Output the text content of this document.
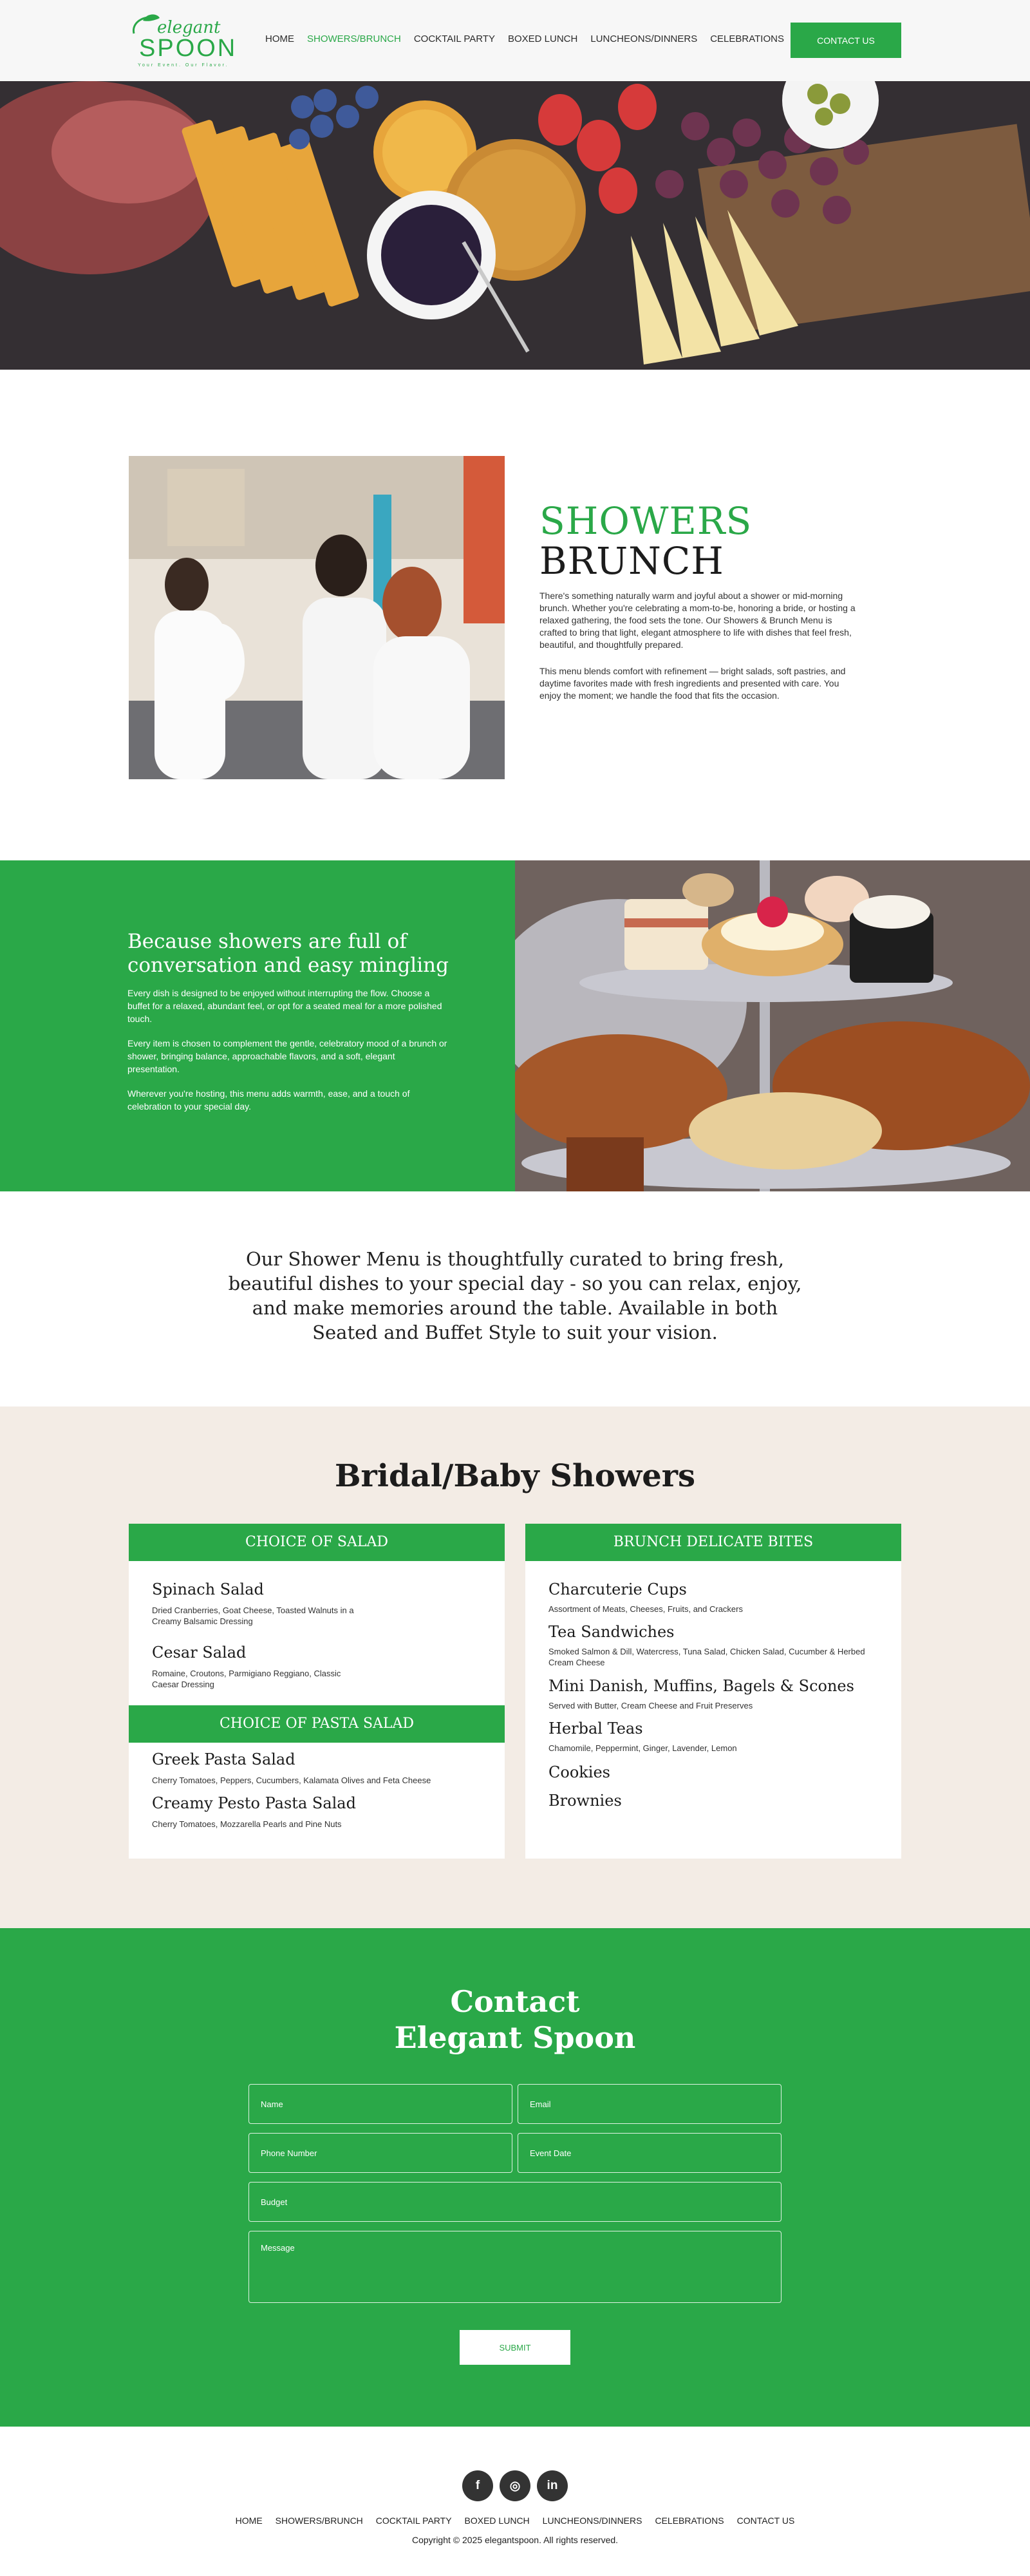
elegant
SPOON
Your Event. Our Flavor.
HOME SHOWERS/BRUNCH COCKTAIL PARTY BOXED LUNCH LUNCHEONS/DINNERS CELEBRATIONS	CONTACT US
SHOWERS
BRUNCH

There's something naturally warm and joyful about a shower or mid-morning brunch. Whether you're celebrating a mom-to-be, honoring a bride, or hosting a relaxed gathering, the food sets the tone. Our Showers & Brunch Menu is crafted to bring that light, elegant atmosphere to life with dishes that feel fresh, beautiful, and thoughtfully prepared.

This menu blends comfort with refinement — bright salads, soft pastries, and daytime favorites made with fresh ingredients and presented with care. You enjoy the moment; we handle the food that fits the occasion.

Because showers are full of conversation and easy mingling

Every dish is designed to be enjoyed without interrupting the flow. Choose a buffet for a relaxed, abundant feel, or opt for a seated meal for a more polished touch.

Every item is chosen to complement the gentle, celebratory mood of a brunch or shower, bringing balance, approachable flavors, and a soft, elegant presentation.

Wherever you're hosting, this menu adds warmth, ease, and a touch of celebration to your special day.

Our Shower Menu is thoughtfully curated to bring fresh, beautiful dishes to your special day - so you can relax, enjoy, and make memories around the table. Available in both Seated and Buffet Style to suit your vision.

Bridal/Baby Showers
CHOICE OF SALAD
Spinach Salad
Dried Cranberries, Goat Cheese, Toasted Walnuts in a Creamy Balsamic Dressing
Cesar Salad
Romaine, Croutons, Parmigiano Reggiano, Classic Caesar Dressing
CHOICE OF PASTA SALAD
Greek Pasta Salad
Cherry Tomatoes, Peppers, Cucumbers, Kalamata Olives and Feta Cheese
Creamy Pesto Pasta Salad
Cherry Tomatoes, Mozzarella Pearls and Pine Nuts
BRUNCH DELICATE BITES
Charcuterie Cups
Assortment of Meats, Cheeses, Fruits, and Crackers
Tea Sandwiches
Smoked Salmon & Dill, Watercress, Tuna Salad, Chicken Salad, Cucumber & Herbed Cream Cheese
Mini Danish, Muffins, Bagels & Scones
Served with Butter, Cream Cheese and Fruit Preserves
Herbal Teas
Chamomile, Peppermint, Ginger, Lavender, Lemon
Cookies
Brownies
Contact
Elegant Spoon
Name
Email
Phone Number
Event Date
Budget
Message
SUBMIT
f	◎	in
HOME SHOWERS/BRUNCH COCKTAIL PARTY BOXED LUNCH LUNCHEONS/DINNERS CELEBRATIONS CONTACT US

Copyright © 2025 elegantspoon. All rights reserved.
